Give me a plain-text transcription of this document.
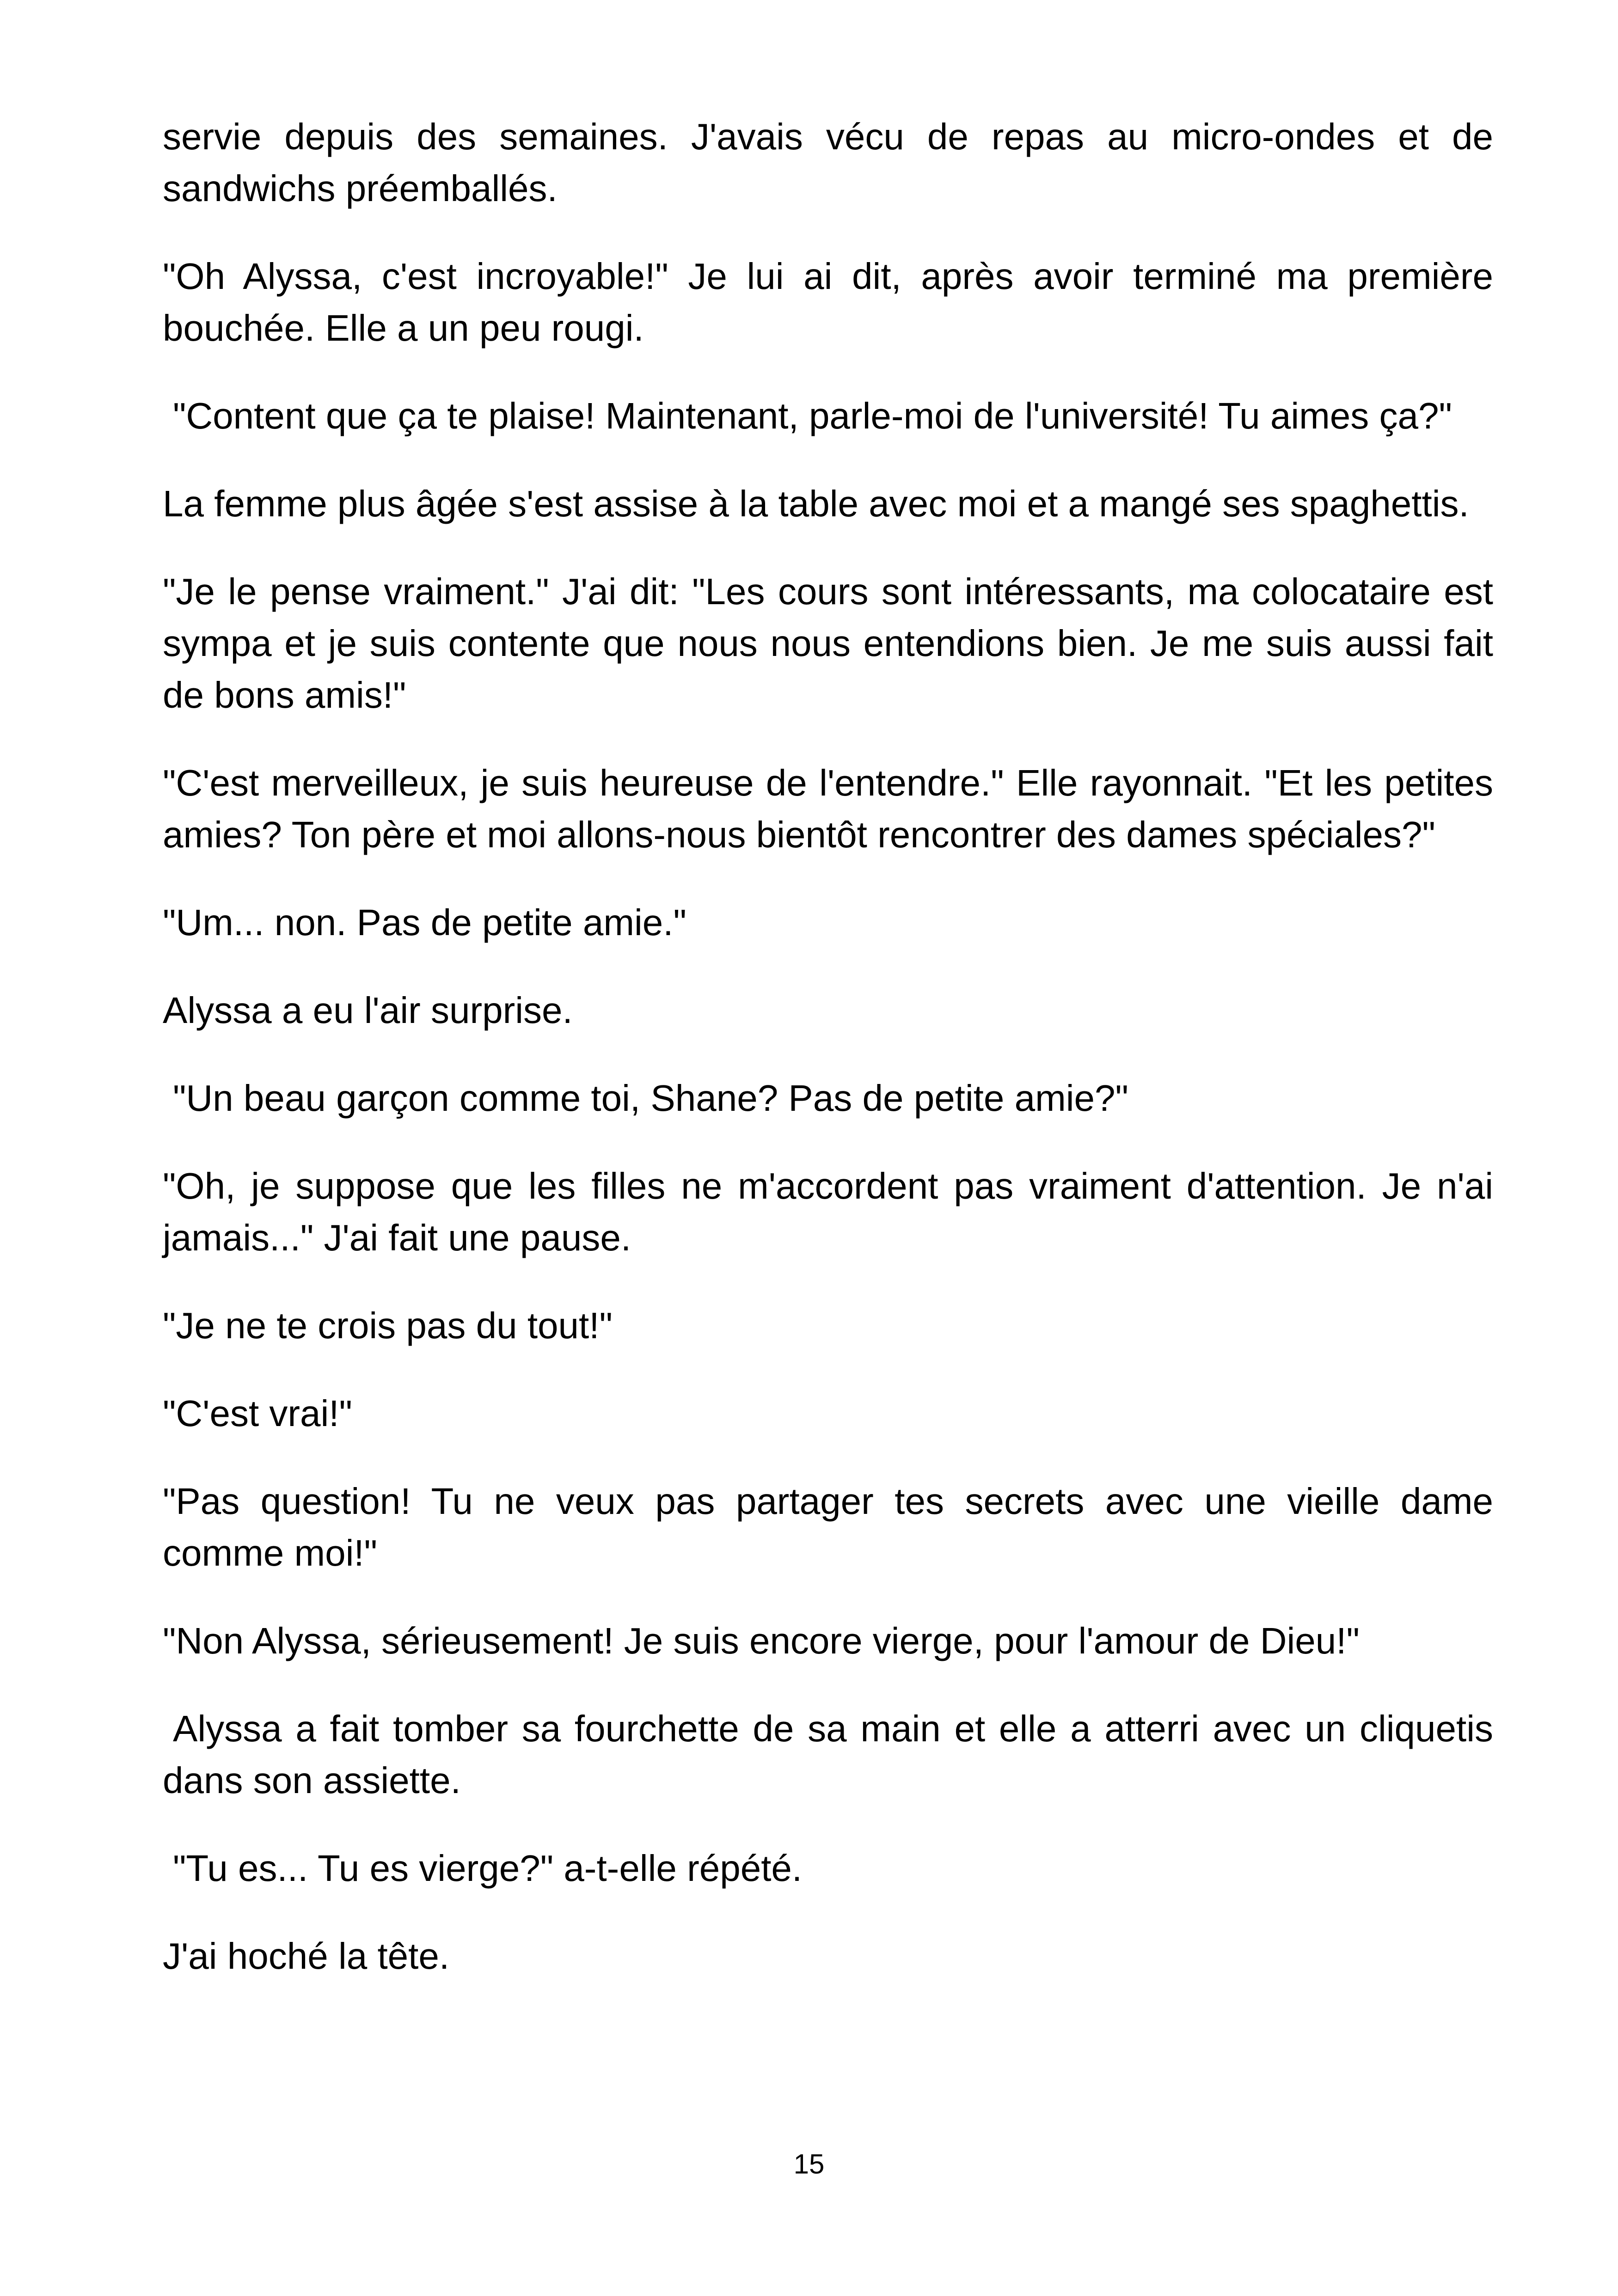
servie depuis des semaines. J'avais vécu de repas au micro-ondes et de sandwichs préemballés.

"Oh Alyssa, c'est incroyable!" Je lui ai dit, après avoir terminé ma première bouchée. Elle a un peu rougi.

"Content que ça te plaise! Maintenant, parle-moi de l'université! Tu aimes ça?"

La femme plus âgée s'est assise à la table avec moi et a mangé ses spaghettis.

"Je le pense vraiment." J'ai dit: "Les cours sont intéressants, ma colocataire est sympa et je suis contente que nous nous entendions bien. Je me suis aussi fait de bons amis!"

"C'est merveilleux, je suis heureuse de l'entendre." Elle rayonnait. "Et les petites amies? Ton père et moi allons-nous bientôt rencontrer des dames spéciales?"

"Um... non. Pas de petite amie."

Alyssa a eu l'air surprise.

"Un beau garçon comme toi, Shane? Pas de petite amie?"

"Oh, je suppose que les filles ne m'accordent pas vraiment d'attention. Je n'ai jamais..." J'ai fait une pause.

"Je ne te crois pas du tout!"

"C'est vrai!"

"Pas question! Tu ne veux pas partager tes secrets avec une vieille dame comme moi!"

"Non Alyssa, sérieusement! Je suis encore vierge, pour l'amour de Dieu!"

Alyssa a fait tomber sa fourchette de sa main et elle a atterri avec un cliquetis dans son assiette.

"Tu es... Tu es vierge?" a-t-elle répété.

J'ai hoché la tête.

15
